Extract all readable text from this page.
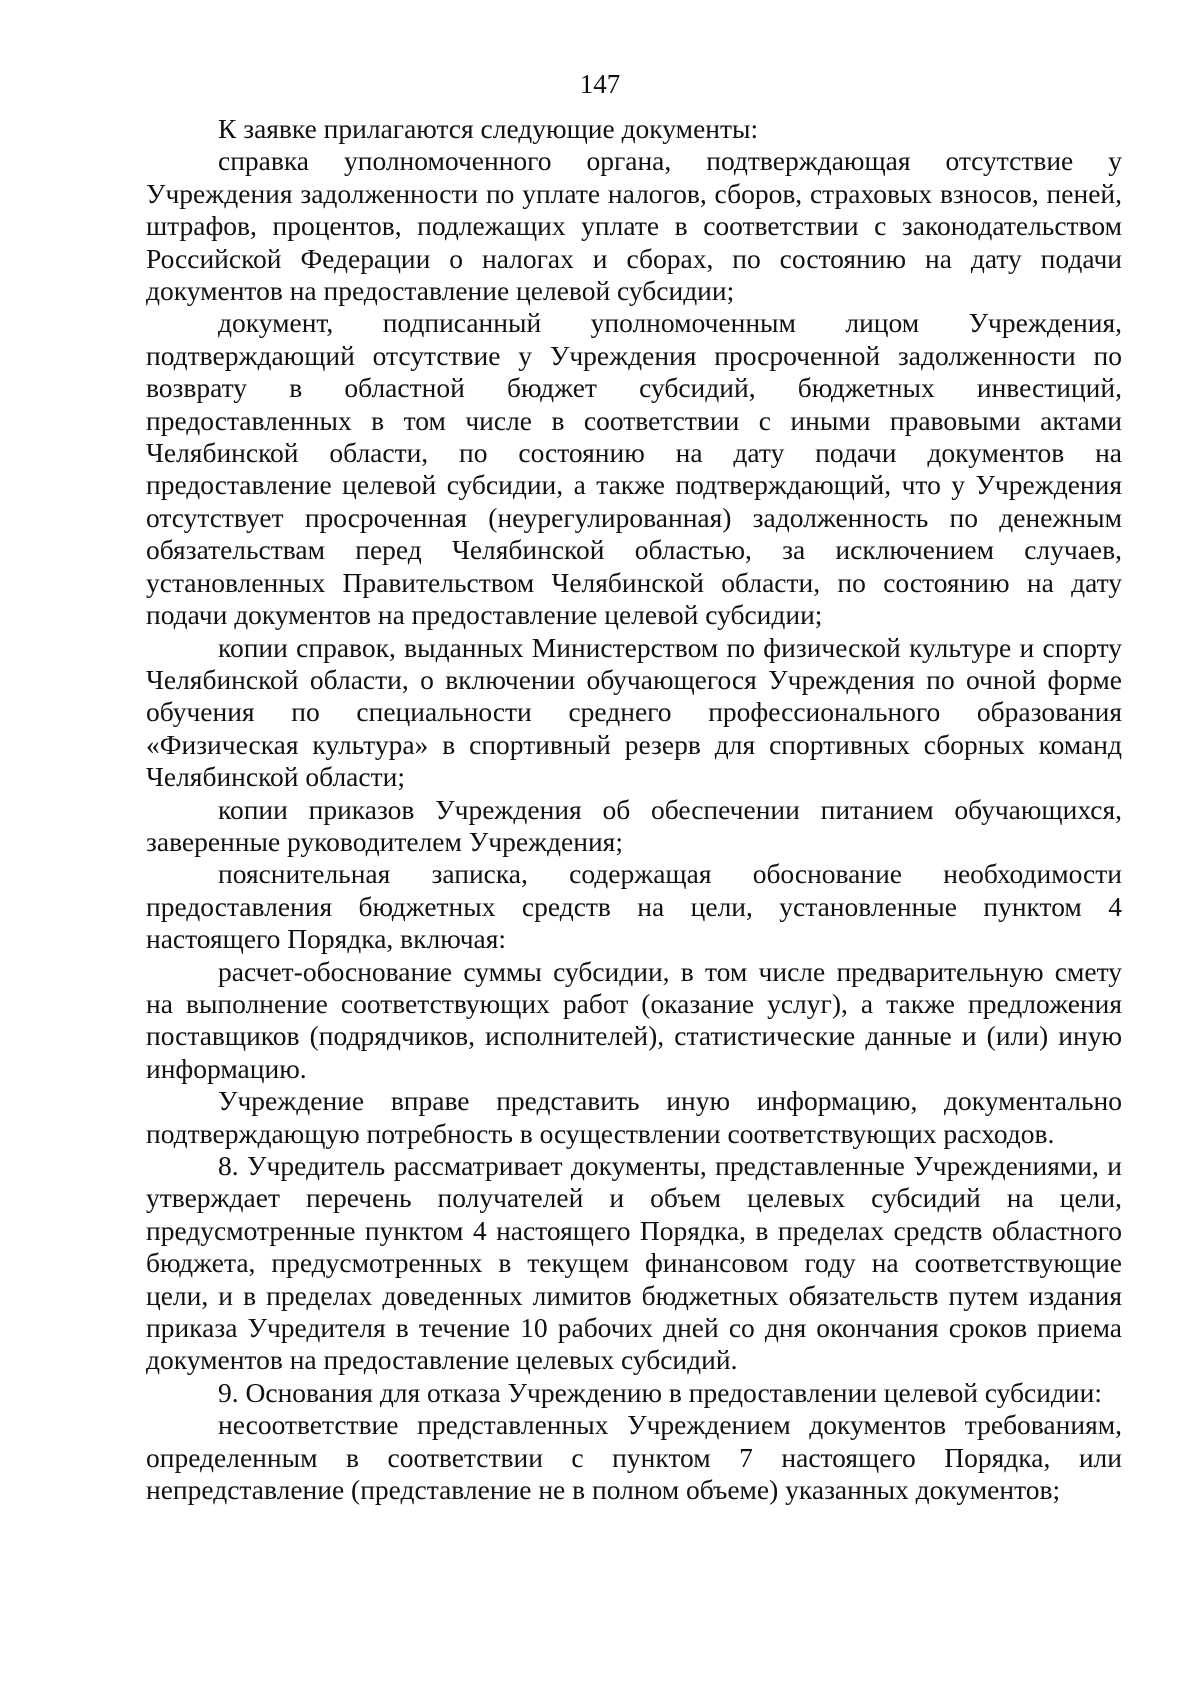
147

К заявке прилагаются следующие документы:

справка уполномоченного органа, подтверждающая отсутствие у Учреждения задолженности по уплате налогов, сборов, страховых взносов, пеней, штрафов, процентов, подлежащих уплате в соответствии с законодательством Российской Федерации о налогах и сборах, по состоянию на дату подачи документов на предоставление целевой субсидии;

документ, подписанный уполномоченным лицом Учреждения, подтверждающий отсутствие у Учреждения просроченной задолженности по возврату в областной бюджет субсидий, бюджетных инвестиций, предоставленных в том числе в соответствии с иными правовыми актами Челябинской области, по состоянию на дату подачи документов на предоставление целевой субсидии, а также подтверждающий, что у Учреждения отсутствует просроченная (неурегулированная) задолженность по денежным обязательствам перед Челябинской областью, за исключением случаев, установленных Правительством Челябинской области, по состоянию на дату подачи документов на предоставление целевой субсидии;

копии справок, выданных Министерством по физической культуре и спорту Челябинской области, о включении обучающегося Учреждения по очной форме обучения по специальности среднего профессионального образования «Физическая культура» в спортивный резерв для спортивных сборных команд Челябинской области;

копии приказов Учреждения об обеспечении питанием обучающихся, заверенные руководителем Учреждения;

пояснительная записка, содержащая обоснование необходимости предоставления бюджетных средств на цели, установленные пунктом 4 настоящего Порядка, включая:

расчет-обоснование суммы субсидии, в том числе предварительную смету на выполнение соответствующих работ (оказание услуг), а также предложения поставщиков (подрядчиков, исполнителей), статистические данные и (или) иную информацию.

Учреждение вправе представить иную информацию, документально подтверждающую потребность в осуществлении соответствующих расходов.

8. Учредитель рассматривает документы, представленные Учреждениями, и утверждает перечень получателей и объем целевых субсидий на цели, предусмотренные пунктом 4 настоящего Порядка, в пределах средств областного бюджета, предусмотренных в текущем финансовом году на соответствующие цели, и в пределах доведенных лимитов бюджетных обязательств путем издания приказа Учредителя в течение 10 рабочих дней со дня окончания сроков приема документов на предоставление целевых субсидий.

9. Основания для отказа Учреждению в предоставлении целевой субсидии:

несоответствие представленных Учреждением документов требованиям, определенным в соответствии с пунктом 7 настоящего Порядка, или непредставление (представление не в полном объеме) указанных документов;
